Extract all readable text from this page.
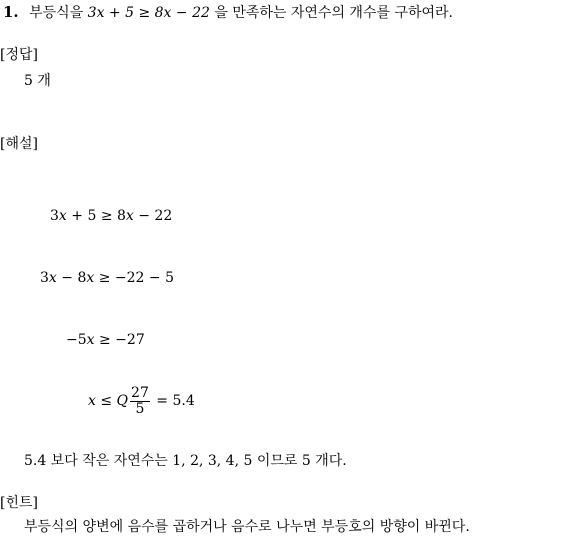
1. 부등식을 3x + 5 ≥ 8x − 22 을 만족하는 자연수의 개수를 구하여라.
[정답]
5 개
[해설]
3x + 5 ≥ 8x − 22
3x − 8x ≥ −22 − 5
−5x ≥ −27
x ≤ Q $\frac{27}{5} = 5.4$
5.4 보다 작은 자연수는 1, 2, 3, 4, 5 이므로 5 개다.
[힌트]
부등식의 양변에 음수를 곱하거나 음수로 나누면 부등호의 방향이 바뀐다.
